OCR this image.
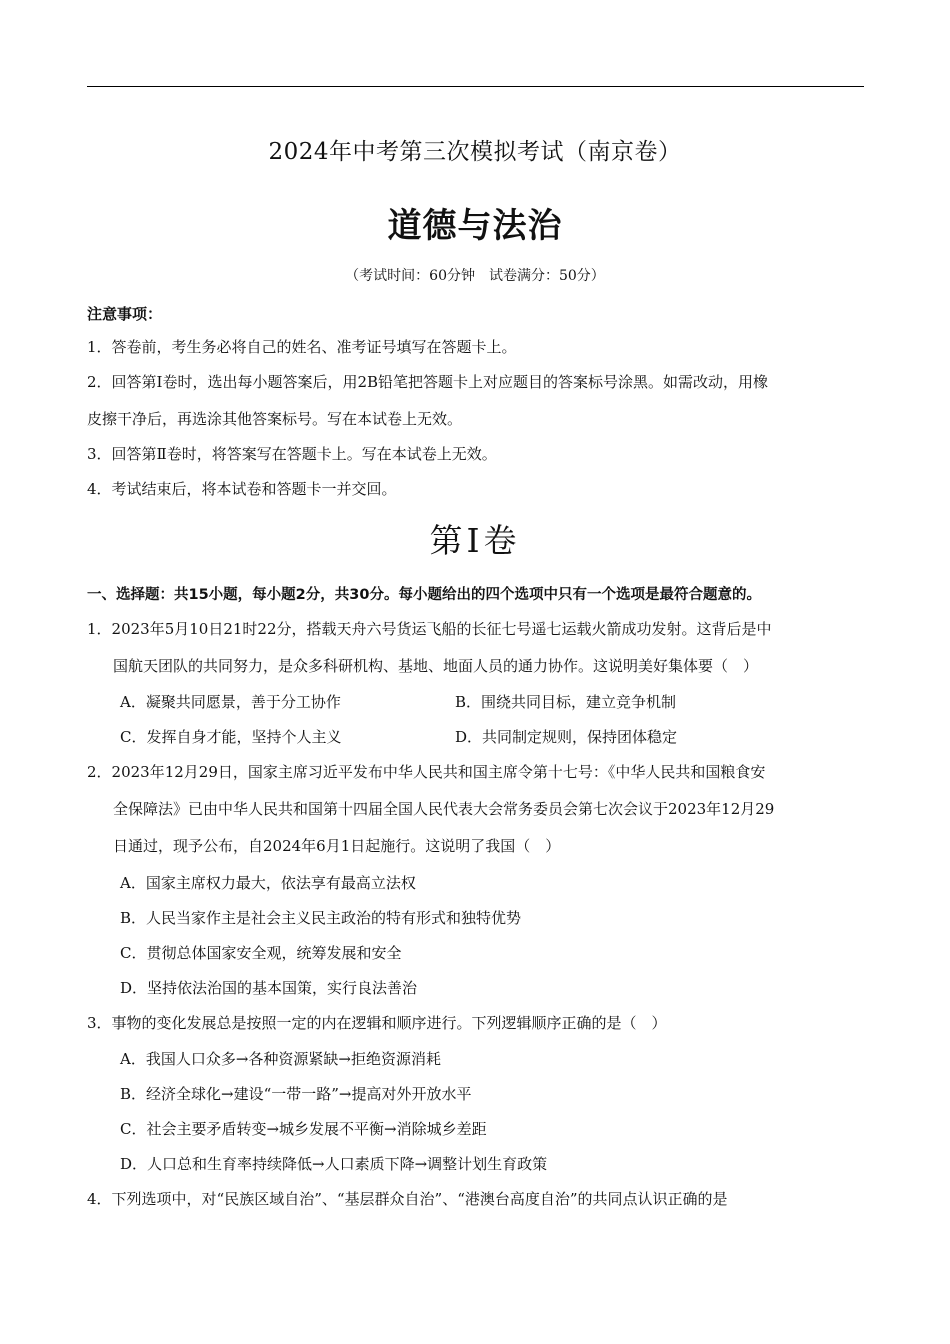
2024年中考第三次模拟考试（南京卷）
道德与法治
（考试时间：60分钟　试卷满分：50分）
注意事项：
1．答卷前，考生务必将自己的姓名、准考证号填写在答题卡上。
2．回答第Ⅰ卷时，选出每小题答案后，用2B铅笔把答题卡上对应题目的答案标号涂黑。如需改动，用橡
皮擦干净后，再选涂其他答案标号。写在本试卷上无效。
3．回答第Ⅱ卷时，将答案写在答题卡上。写在本试卷上无效。
4．考试结束后，将本试卷和答题卡一并交回。
第Ⅰ卷
一、选择题：共15小题，每小题2分，共30分。每小题给出的四个选项中只有一个选项是最符合题意的。
1．2023年5月10日21时22分，搭载天舟六号货运飞船的长征七号遥七运载火箭成功发射。这背后是中
国航天团队的共同努力，是众多科研机构、基地、地面人员的通力协作。这说明美好集体要（　）
A．凝聚共同愿景，善于分工协作	B．围绕共同目标，建立竞争机制
C．发挥自身才能，坚持个人主义	D．共同制定规则，保持团体稳定
2．2023年12月29日，国家主席习近平发布中华人民共和国主席令第十七号：《中华人民共和国粮食安
全保障法》已由中华人民共和国第十四届全国人民代表大会常务委员会第七次会议于2023年12月29
日通过，现予公布，自2024年6月1日起施行。这说明了我国（　）
A．国家主席权力最大，依法享有最高立法权
B．人民当家作主是社会主义民主政治的特有形式和独特优势
C．贯彻总体国家安全观，统筹发展和安全
D．坚持依法治国的基本国策，实行良法善治
3．事物的变化发展总是按照一定的内在逻辑和顺序进行。下列逻辑顺序正确的是（　）
A．我国人口众多→各种资源紧缺→拒绝资源消耗
B．经济全球化→建设“一带一路”→提高对外开放水平
C．社会主要矛盾转变→城乡发展不平衡→消除城乡差距
D．人口总和生育率持续降低→人口素质下降→调整计划生育政策
4．下列选项中，对“民族区域自治”、“基层群众自治”、“港澳台高度自治”的共同点认识正确的是
